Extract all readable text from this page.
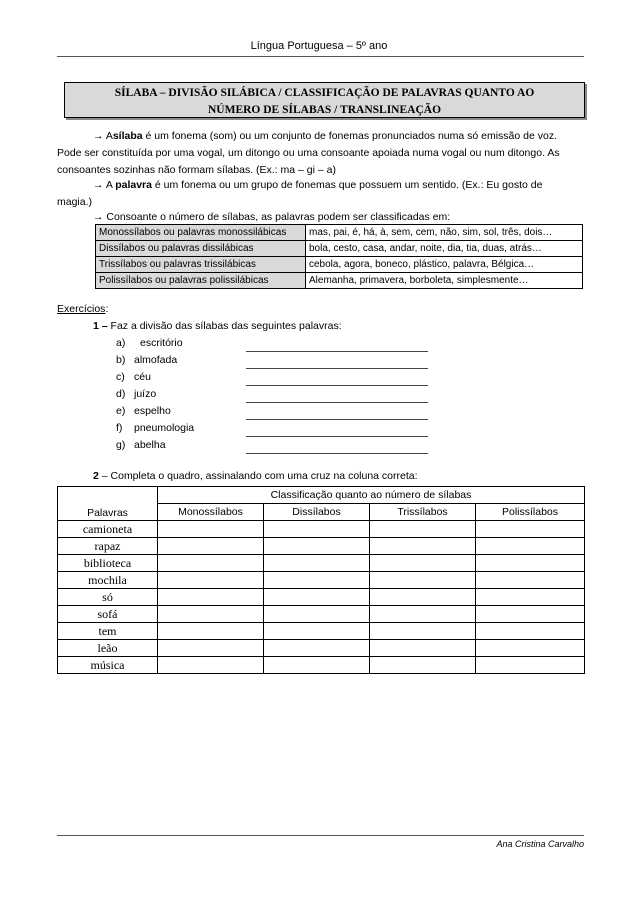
Língua Portuguesa – 5º ano
SÍLABA – DIVISÃO SILÁBICA / CLASSIFICAÇÃO DE PALAVRAS QUANTO AO
NÚMERO DE SÍLABAS / TRANSLINEAÇÃO
→ Asílaba é um fonema (som) ou um conjunto de fonemas pronunciados numa só emissão de voz.
Pode ser constituída por uma vogal, um ditongo ou uma consoante apoiada numa vogal ou num ditongo. As
consoantes sozinhas não formam sílabas. (Ex.: ma – gi – a)
→ A palavra é um fonema ou um grupo de fonemas que possuem um sentido. (Ex.: Eu gosto de
magia.)
→ Consoante o número de sílabas, as palavras podem ser classificadas em:
Monossílabos ou palavras monossilábicas	mas, pai, é, há, à, sem, cem, não, sim, sol, três, dois…
Dissílabos ou palavras dissilábicas	bola, cesto, casa, andar, noite, dia, tia, duas, atrás…
Trissílabos ou palavras trissilábicas	cebola, agora, boneco, plástico, palavra, Bélgica…
Polissílabos ou palavras polissilábicas	Alemanha, primavera, borboleta, simplesmente…
Exercícios:
1 – Faz a divisão das sílabas das seguintes palavras:
a) escritório
b) almofada
c) céu
d) juízo
e) espelho
f) pneumologia
g) abelha
2 – Completa o quadro, assinalando com uma cruz na coluna correta:
Palavras	Classificação quanto ao número de sílabas			
	Monossílabos	Dissílabos	Trissílabos	Polissílabos
camioneta				
rapaz				
biblioteca				
mochila				
só				
sofá				
tem				
leão				
música				
Ana Cristina Carvalho
